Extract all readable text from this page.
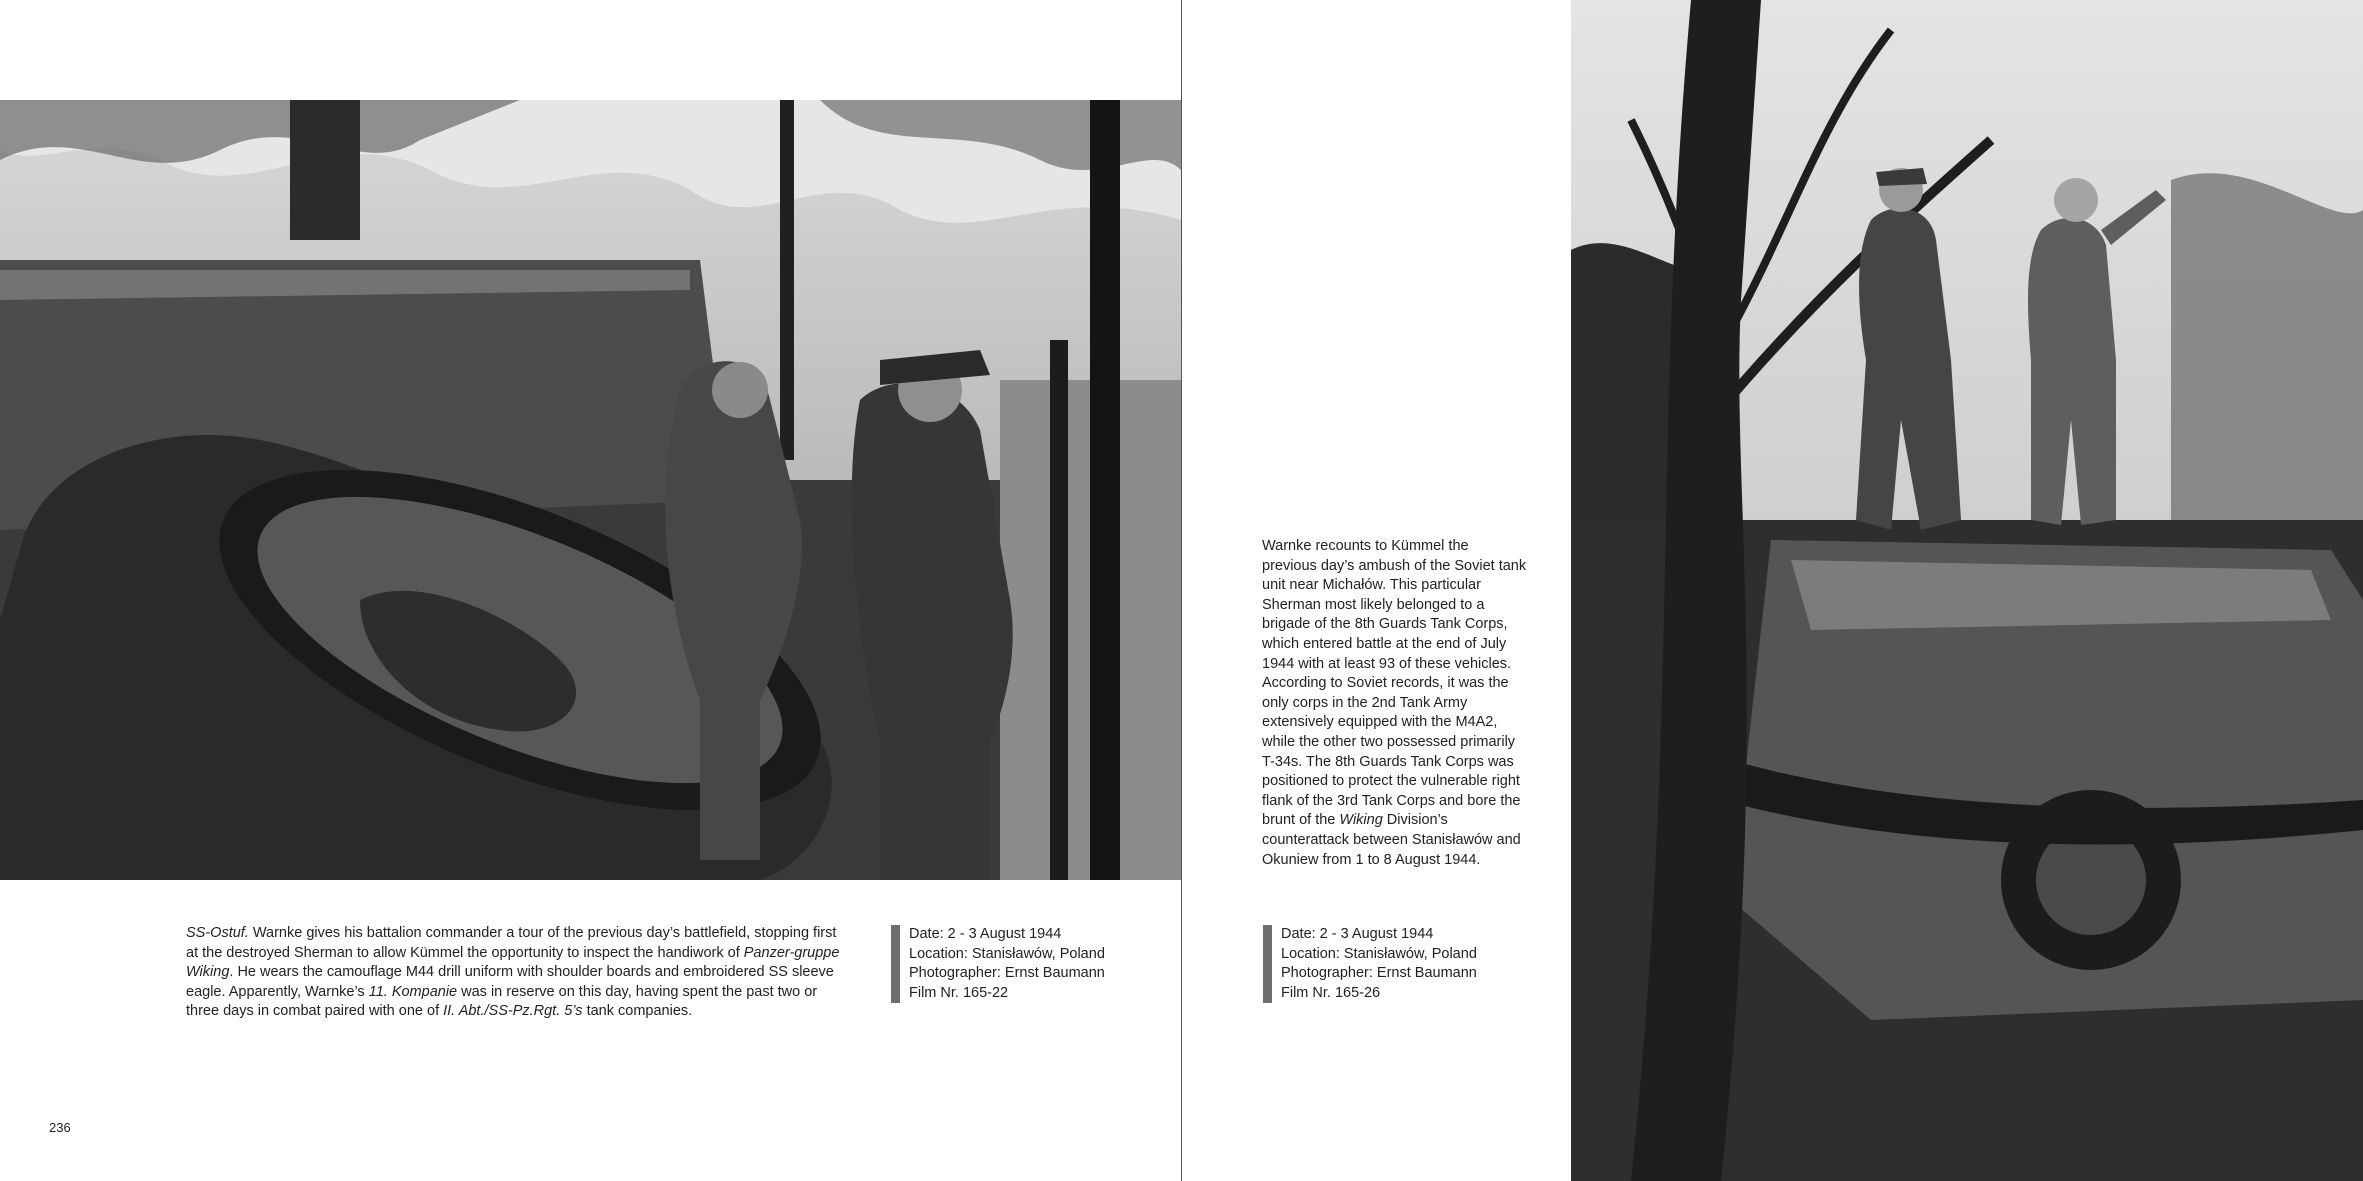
SS-Ostuf. Warnke gives his battalion commander a tour of the previous day’s battlefield, stopping first at the destroyed Sherman to allow Kümmel the opportunity to inspect the handiwork of Panzer-gruppe Wiking. He wears the camouflage M44 drill uniform with shoulder boards and embroidered SS sleeve eagle. Apparently, Warnke’s 11. Kompanie was in reserve on this day, having spent the past two or three days in combat paired with one of II. Abt./SS-Pz.Rgt. 5’s tank companies.
Date: 2 - 3 August 1944
Location: Stanisławów, Poland
Photographer: Ernst Baumann
Film Nr. 165-22
236
Warnke recounts to Kümmel the previous day’s ambush of the Soviet tank unit near Michałów. This particular Sherman most likely belonged to a brigade of the 8th Guards Tank Corps, which entered battle at the end of July 1944 with at least 93 of these vehicles. According to Soviet records, it was the only corps in the 2nd Tank Army extensively equipped with the M4A2, while the other two possessed primarily T-34s. The 8th Guards Tank Corps was positioned to protect the vulnerable right flank of the 3rd Tank Corps and bore the brunt of the Wiking Division’s counterattack between Stanisławów and Okuniew from 1 to 8 August 1944.
Date: 2 - 3 August 1944
Location: Stanisławów, Poland
Photographer: Ernst Baumann
Film Nr. 165-26
